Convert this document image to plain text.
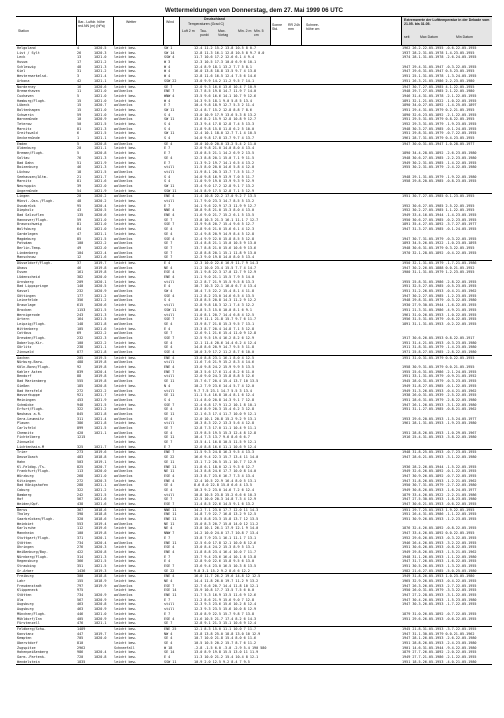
Wettermeldungen von Donnerstag, dem 27. Mai 1999 06 UTC
Station
Bar.- Luftdr. höhe red.NN (m) (hPa)
Wetter	Wind
Deutschland
Temperaturen (Grad C)
Luft 2 m	Tau- punkt
Max. Vortag
Min. 2 m Min. 5 cm
Sonne Std.
RR 24h mm
Schnee- höhe cm
Extremwerte der Lufttemperatur in der Dekade vom 21.05. bis 31.05.
seit	Max Datum	Min Datum
Helgoland	4	1020.5 leicht bew.	SW 1	12.4 11.2 15.2 13.8 10.5 8 0.7	1962 26.2.22.05.1955 -0.6.22.05.1955
List / Sylt	26	1020.3 leicht bew.	SW 14	12.8 11.3 16.1 12.8 10.5 8 9.7 0.0	1937 28.2.31.05.1978 1.4.23.05.1955
Leck	13	1021.0 leicht bew.	SSW 4	11.7 10.6 17.2 12.6 6.1 4 9.4	1974 28.1.31.05.1978 -2.6.24.05.1955
Husum	17	1021.2 leicht bew.	W 3	12.3 10.5 17.3 10.0 6.9 6 10.1
Schleswig	48	1021.3 leicht bew.	W 4	12.4 8.9 18.1 13.2 7.7 5 8.1	1947 29.4.31.05.1947 -0.3.22.05.1955
Kiel	31	1021.2 leicht bew.	W 4	16.0 13.8 18.8 13.5 9.7 4 13.8	1947 29.6.31.05.1947 0.5.23.05.1955
Westermarkelsd.	3	1021.4 leicht bew.	W 4	12.8 11.6 16.5 12.4 7.5 6 14.6	1951 25.1.31.05.1978 -1.3.24.05.1955
Arkona	42	1021.1 leicht bew.	SSW 22	13.0 9.9 14.2 11.2 9.5 7 14.1	1951 26.3.21.05.1986 2.2.23.05.1980
Norderney	16	1020.6 leicht bew.	SE 7	12.0 9.3 16.6 13.6 10.4 7 10.9	1947 30.7.27.05.1985 4.1.22.05.1955
Bremerhaven	11	1021.0 wolkenlos	ENE 7	13.7 8.5 19.8 14.7 11.9 7 14.0	1948 29.7.27.05.1985 2.1.22.05.1980
Cuxhaven	5	1021.0 leicht bew.	WNW 4	13.5 9.6 16.6 14.1 10.7 9 12.6	1946 31.4.31.05.1978 -2.1.22.05.1955
Hamburg/Flugh.	15	1021.0 leicht bew.	W 4	14.3 9.5 18.1 9.0 5.8 5 13.4	1891 32.1.21.05.1922 -1.0.22.05.1955
Lübeck	15	1020.7 wolkenlos	E 7	10.4 9.8 18.9 12.7 5.3 2 11.4	1890 34.0.27.05.1892 -1.4.25.05.1897
Boltenhagen	15	1021.0 leicht bew.	SW 11	12.4 8.7 15.2 12.8 8.8 7 8.6	1951 29.4.31.05.1979 0.2.21.05.1955
Schwerin	59	1021.0 leicht bew.	S 4	13.0 10.9 17.9 13.6 5.3 8 13.2	1890 32.6.23.05.1892 -2.1.22.05.1955
Warnemünde	10	1020.9 wolkenlos	SW 11	13.6 8.2 15.9 12.8 10.8 9 12.7	1951 29.5.31.05.1979 0.8.22.05.1955
Teterow	50	1021.5 leicht bew.	S 4	13.3 9.4 17.8 12.8 7.4 5 13.3	1952 29.3.31.05.1979 -1.9.23.05.1955
Marnitz	81	1021.3 wolkenlos	S 4	11.8 9.8 15.8 11.8 6.2 5 10.0	1948 30.3.27.05.1985 -0.1.24.05.1955
Greifswald	6	1021.5 leicht bew.	SW 11	12.4 10.1 18.0 12.7 7.1 4 10.5	1951 29.8.31.05.1979 -0.7.22.05.1955
Ueckermünde	1	1021.1 leicht bew.	S 4	14.0 9.8 17.8 13.7 9.7 4 13.7	1961 28.7.31.05.1979 0.4.23.05.1955
Emden	5	1020.8 wolkenlos	SE 4	10.0 10.0 20.0 13.2 5.4 2 11.0	1947 30.0.31.05.1947 1.0.28.05.1977
Oldenburg	20	1021.1 leicht bew.	E 7	12.0 9.8 21.0 14.0 8.0 4 13.4
Bremen/Flugh.	5	1020.8 leicht bew.	E 7	13.0 8.5 21.1 14.2 6.9 2 13.5	1890 34.4.28.05.1892 -2.6.23.05.1980
Soltau	76	1021.3 leicht bew.	SE 4	12.3 8.8 20.1 15.0 7.1 9 11.5	1948 30.6.27.05.1985 -2.2.23.05.1980
Bad Dahn	51	1021.9 leicht bew.	E 7	11.3 9.2 19.7 14.1 6.5 4 13.2	1949 30.2.31.05.1985 -1.4.22.05.1955
Boizenburg	46	1021.3 leicht bew.	still	11.5 8.0 20.0 14.6 5.8 4 12.0	1955 30.2.31.05.1979 -2.4.22.05.1980
Lüchow	18	1021.5 wolkenlos	still	11.9 8.1 20.3 13.7 7.5 5 11.7
Seehausen/Altm.	21	1021.7 leicht bew.	S 4	14.0 9.8 16.9 13.9 7.0 5 11.7	1948 29.1.31.05.1979 -1.9.22.05.1980
Marnitz	81	1021.6 wolkenlos	S 4	11.0 9.9 19.0 13.9 9.3 9 12.9	1958 29.8.20.05.1985 -0.8.23.05.1955
Neuruppin	39	1022.0 wolkenlos	SW 11	13.4 9.0 17.2 12.8 9.1 7 13.2
Angermünde	54	1021.9 leicht bew.	SSW 11	14.5 8.9 17.5 12.8 7.1 5 12.9
Lingen	20	1020.2 wolkenlos	ENE 4	11.4 10.8 22.2 17.0 9.2 7 13.5	1951 30.7.27.05.1985 0.1.23.05.1955
Münst.-Osn./Flugh.	48	1020.2 leicht bew.	still	11.7 9.0 23.3 14.7 8.5 5 13.2
Osnabrück	95	1020.4 leicht bew.	E 7	14.1 9.6 22.9 17.3 11.9 9 12.7	1952 30.6.27.05.1985 2.5.22.05.1955
Diepholz	43	1020.5 leicht bew.	NNE 4	10.8 9.8 21.0 15.3 8.0 4 13.0	1952 30.2.27.05.1985 1.1.22.05.1955
Bad Salzuflen	135	1020.6 leicht bew.	ENE 4	11.6 9.0 21.7 15.2 6.1 5 13.5	1949 33.4.16.05.1944 -1.4.23.05.1955
Hannover/Flugh.	59	1021.0 leicht bew.	SE 7	13.8 10.3 21.3 16.1 11.1 7 12.7	1950 30.6.27.05.1985 -0.2.23.05.1955
Braunschweig	81	1021.0 leicht bew.	SSE 7	13.9 9.8 20.7 15.4 9.6 5 12.7	1891 35.4.27.05.1892 -3.7.27.05.1977
Wolfsburg	64	1021.0 leicht bew.	SE 4	12.8 9.6 21.0 15.6 6.1 4 12.3	1947 31.3.27.05.1985 -0.1.24.05.1955
Gardelegen	47	1021.1 leicht bew.	SE 4	12.4 9.8 20.9 14.9 8.4 5 12.8
Magdeburg	85	1021.5 wolkenlos	SSE 4	12.4 9.9 22.0 15.8 8.5 5 12.8	1947 30.7.31.05.1979 -0.3.22.05.1955
Potsdam	100	1022.2 wolkenlos	SE 7	13.4 8.8 21.1 15.0 10.5 9 13.0	1893 34.5.26.05.1922 -1.0.23.05.1893
Berlin-Temp.	49	1022.0 wolkenlos	SE 7	13.7 8.8 21.0 15.6 10.6 9 13.6	1948 30.6.31.05.1979 0.3.22.05.1955
Lindenberg	104	1022.4 wolkenlos	SE 7	12.8 8.8 20.1 15.1 11.8 9 13.0	1970 32.1.28.05.1892 -0.4.22.05.1955
Manschnow	12	1021.6 wolkenlos	SE 7	12.3 9.0 19.8 14.0 8.0 5 13.4
Düsseldorf/Flugh.	37	1019.7 leicht bew.	E 4	12.3 10.0 22.6 16.9 11.7 9 14.3	1950 32.1.31.05.1979 -1.7.21.05.1986
Ahaus	46	1019.8 wolkenlos	NE 4	11.2 10.0 23.4 15.5 7.7 4 14.7	1947 30.2.26.05.1888 0.0.21.05.1952
Essen	161	1019.8 leicht bew.	ESE 4	15.1 9.8 22.3 17.0 12.7 9 12.9	1900 31.1.31.05.1979 1.2.23.05.1955
Lüdenscheid	382	1020.0 leicht bew.	ENE 4	11.1 9.0 21.1 15.5 7.9 5 14.0
Arnsberg	209	1020.1 leicht bew.	still	12.2 8.7 21.9 15.5 9.5 8 13.3	1955 25.8.31.05.1986 -2.8.22.05.1955
Bad Lippspringe	140	1020.5 leicht bew.	E 4	10.7 10.3 22.1 16.0 6.7 4 13.4	1951 32.5.27.05.1985 -0.5.23.05.1955
Kassel	232	1020.9 wolkenlos	SW 4	10.4 7.5 22.2 15.4 8.1 4 11.8	1951 31.2.26.05.1953 -0.4.21.05.1962
Göttingen	177	1021.2 wolkenlos	SSE 4	11.2 8.2 23.0 14.6 6.5 4 13.5	1947 30.2.27.05.1985 -1.2.23.05.1955
Leinefelde	356	1021.2 wolkenlos	S 4	13.8 8.5 20.8 14.3 11.2 9 12.2	1948 29.8.31.05.1979 -0.3.22.05.1980
Braunlage	615	1020.6 leicht bew.	still	12.8 9.8 18.3 12.1 7.4 3 12.2	1930 27.9.30.05.1944 -1.6.22.05.1955
Brocken	1153	1021.5 leicht bew.	SSW 11	10.8 5.3 15.0 10.0 8.1 6 9.1	1951 21.3.31.05.1986 -4.9.21.05.1955
Wernigerode	243	1021.3 leicht bew.	still	11.0 8.1 20.7 14.4 6.8 4 12.5	1961 31.0.26.05.1953 -1.0.22.05.1955
Artern	164	1021.5 wolkenlos	SSE 7	12.9 11.1 21.8 15.7 9.7 6 11.7	1956 31.5.31.05.1979 -0.6.22.05.1955
Leipzig/Flugh.	148	1021.8 wolkenlos	SE 4	13.9 8.7 21.8 15.3 9.5 7 13.1	1891 31.1.31.05.1953 -0.2.22.05.1955
Wittenberg	105	1021.6 leicht bew.	E 4	13.3 8.7 20.4 14.8 7.1 5 12.8
Cottbus	69	1022.2 wolkenlos	SE 7	12.6 9.1 21.6 15.4 11.0 9 12.8
Dresden/Flugh.	232	1022.3 wolkenlos	SSE 7	12.5 9.5 19.4 16.2 8.2 6 12.9	1917 30.6.26.05.1953 0.8.22.05.1917
Doberlug-Kir.	100	1022.2 leicht bew.	SE 4	12.1 11.4 20.6 14.4 6.2 4 12.4	1951 31.4.21.05.1953 -0.3.23.05.1980
Görlitz	238	1021.1 leicht bew.	SE 4	14.8 8.6 20.9 14.7 9.5 5 11.8	1911 31.8.31.05.1979 -1.4.23.05.1980
Zinnwald	877	1021.8 wolkenlos	SSE 4	10.0 3.9 17.2 11.2 8.7 6 10.0	1971 25.8.27.05.1985 -2.8.22.05.1980
Aachen	205	1019.5 leicht bew.	ENE 4	13.0 8.8 23.1 16.1 8.0 4 12.5	1951 31.0.31.05.1979 0.0.22.05.1955
Nürburg-Barw.	488	1019.8 wolkenlos	still	11.6 7.6 21.9 15.2 8.3 4 14.6
Köln-Bonn/Flugh.	92	1019.8 leicht bew.	ENE 4	13.0 9.8 24.2 15.9 9.9 5 13.5	1958 30.9.31.05.1979 0.0.21.05.1955
Kahler Asten	839	1020.4 leicht bew.	ENE 7	10.3 5.6 17.6 11.4 8.2 6 11.0	1955 25.6.31.05.1986 -2.1.24.05.1955
Bendorf	88	1019.8 leicht bew.	still	12.0 9.0 24.3 15.8 8.8 5 12.6	1951 33.1.31.05.1979 -0.9.21.05.1952
Bad Marienberg	555	1019.8 wolkenlos	SE 11	15.7 6.7 20.4 15.4 13.7 10 13.5	1945 28.0.31.05.1979 -0.3.23.05.1955
Gießen	185	1020.8 leicht bew.	N 4	10.2 7.9 23.6 14.4 5.7 4 12.0	1949 31.8.27.05.1985 -0.1.22.05.1955
Bad Hersfeld	272	1022.2 wolkenlos	still	9.7 7.5 23.1 14.7 5.5 3 13.4	1949 31.3.26.05.1953 -0.4.21.05.1962
Wasserkuppe	921	1021.7 leicht bew.	SE 11	11.1 5.4 16.8 10.4 8.1 6 12.4	1938 26.0.31.05.1939 -2.5.22.05.1955
Meiningen	453	1021.9 wolkenlos	S 4	11.4 8.0 20.8 14.3 9.1 7 12.8	1951 28.6.31.05.1979 -2.8.22.05.1980
Schmücke	948	1021.5 leicht bew.	SSE 7	12.4 6.8 17.9 11.2 10.1 8 10.1	1947 26.1.26.05.1953 -3.1.22.05.1980
Erfurt/Flugh.	322	1021.2 wolkenlos	SE 4	13.0 8.9 20.3 15.4 6.2 3 12.8	1951 31.1.27.05.1985 -0.8.21.05.1962
Neuhaus a.R.	845	1021.8 wolkenlos	SE 11	12.1 6.3 17.4 11.7 10.0 9 12.1
Gera-Leumnitz	311	1021.4 wolkenlos	SE 4	12.0 10.1 20.8 15.2 9.2 9 13.1	1953 29.6.20.05.1953 -1.5.24.05.1977
Plauen	386	1021.8 leicht bew.	still	10.3 8.3 22.2 13.3 5.6 4 12.8	1961 28.1.31.05.1953 -1.9.23.05.1980
Carlsfeld	899	1021.5 wolkenlos	SE 7	12.8 7.3 17.0 11.1 10.4 9 11.1
Chemnitz	420	1021.1 wolkenlos	SE 4	13.9 8.5 19.5 15.3 12.4 8 12.8	1951 28.8.26.05.1953 -1.0.29.05.1967
Fichtelberg	1215	leicht bew.	SE 11	10.4 7.3 13.7 9.6 8.6 6 6.7	1916 25.4.31.05.1953 -3.8.22.05.1980
Zinnwald	leicht bew.	SE 7	13.5 4.1 16.8 10.5 11.5 9 12.1
Lichtenhain-M	325	1021.7 leicht bew.	E 7	12.0 8.8 16.6 11.1 10.6 9 12.4
Trier	273	1019.6 leicht bew.	ENE 7	11.5 9.3 24.8 16.3 9.5 4 13.3	1948 31.8.25.05.1953 -0.7.23.05.1955
Deuselbach	483	1018.8 leicht bew.	SE 22	16.6 9.4 22.3 15.7 13.4 11 14.0	1947 28.6.21.05.1953 -3.1.22.05.1980
Hahn	503	1019.1 leicht bew.	SE 11	13.1 7.2 20.5 15.1 10.7 7 12.9
Kl.Feldbg./Ts.	825	1020.7 leicht bew.	ENE 11	11.8 6.1 18.0 12.1 9.3 6 12.7	1936 28.2.26.05.1944 -1.5.22.05.1955
Frankfurt/Flugh.	113	1020.0 wolkenlos	NE 11	14.3 8.8 24.6 17.7 10.0 8 14.0	1949 32.6.26.05.1892 -0.1.22.05.1955
Würzburg	268	1021.0 wolkenlos	ESE 4	13.3 8.7 23.6 16.7 7.3 4 13.4	1947 30.9.26.05.1892 -0.7.22.05.1955
Kitzingen	272	1020.3 leicht bew.	ENE 4	12.4 10.5 22.9 16.4 8.0 5 13.1	1947 31.8.26.05.1953 -1.2.21.05.1962
Bad Königshofen	288	1021.1 wolkenlos	SE 4	8.6 8.0 22.8 15.0 6.6 4 13.5	1950 30.7.31.05.1979 -2.7.22.05.1980
Coburg	322	1021.2 leicht bew.	SE 4	10.3 9.2 23.0 14.6 7.2 6 12.4	1949 30.8.26.05.1953 -1.6.24.05.1977
Bamberg	242	1021.5 leicht bew.	still	10.8 10.5 23.8 15.2 6.6 6 10.3	1879 33.4.26.05.1922 -2.2.21.05.1986
Hof	567	1021.6 leicht bew.	SE 7	12.5 10.0 20.3 14.8 7.3 4 12.9	1947 27.5.30.05.1953 -1.8.23.05.1980
Weiden/Opf.	438	1021.6 leicht bew.	ESE 7	11.4 8.5 22.6 14.5 9.1 6 13.2	1947 30.6.21.05.1953 -0.6.22.05.1955
Berus	367	1018.6 leicht bew.	NNE 11	14.2 7.1 23.0 17.7 12.0 11 14.3	1951 29.7.25.05.1953 1.9.22.05.1955
Tholey	398	1018.8 leicht bew.	ENE 11	14.8 7.9 22.7 16.8 13.2 9 12.5	1951 26.4.31.05.1986 -1.1.22.05.1955
Saarbrücken/Flugh.	320	1018.6 leicht bew.	ENE 11	15.5 8.8 23.3 15.8 13.7 12 13.5	1951 30.9.26.05.1953 -1.2.23.05.1955
Weinbiet	553	1019.4 wolkenlos	NE 11	15.0 8.3 20.7 15.0 14.0 12 11.2
Karlsruhe	112	1019.6 leicht bew.	NE 4	13.8 10.1 26.1 17.9 12.1 9 14.0	1876 32.4.26.05.1892 -0.8.22.05.1955
Mannheim	100	1019.8 leicht bew.	NNW 7	14.2 10.0 24.0 17.7 10.8 7 13.4	1947 33.4.26.05.1892 0.0.22.05.1955
Stuttgart/Flugh.	371	1020.1 leicht bew.	E 7	13.8 7.9 23.1 16.1 11.1 7 13.1	1952 29.6.26.05.1953 -0.3.22.05.1955
Stötten	734	1020.4 wolkenlos	ENE 11	12.5 6.0 17.8 12.1 10.0 8 12.6	1946 26.4.26.05.1953 -3.2.22.05.1955
Öhringen	276	1020.3 leicht bew.	ESE 4	13.0 8.4 24.2 15.3 8.9 5 13.1	1951 30.6.26.05.1953 -0.8.22.05.1955
Weißenburg/Bay.	422	1020.8 leicht bew.	ENE 4	11.8 8.8 23.4 16.4 10.0 7 11.7	1949 29.8.26.05.1953 -1.5.21.05.1962
Nürnberg/Flugh.	314	1021.3 leicht bew.	E 7	13.7 9.4 23.6 16.4 10.1 8 13.8	1948 31.1.26.05.1953 -1.1.22.05.1980
Regensburg	366	1021.5 leicht bew.	E 4	12.8 9.0 22.6 15.8 9.5 6 13.0	1947 31.7.26.05.1953 -1.6.22.05.1955
Straubing	351	1021.5 leicht bew.	ESE 7	13.6 9.4 23.0 16.5 10.3 8 13.5	1951 30.5.26.05.1953 -1.3.22.05.1955
Gr.Arber	1436	1019.3 leicht bew.	SE 22	9.8 3.1 15.2 9.2 8.6 6 12.2	1982 21.6.27.05.1985 -5.0.25.05.1980
Freiburg	300	1018.8 leicht bew.	ENE 4	16.0 11.7 26.2 19.6 14.8 12 12.5	1949 31.8.26.05.1953 1.0.23.05.1980
Lahr	155	1018.9 leicht bew.	NE 4	14.4 11.8 26.0 19.7 11.2 9 13.2	1965 32.9.26.05.1953 -0.4.22.05.1955
Freudenstadt	797	1019.9 wolkenlos	ESE 7	12.7 6.6 20.7 14.4 11.8 10 12.1	1947 26.3.26.05.1953 -2.7.22.05.1955
Klippeneck	975	leicht bew.	ESE 14	15.9 10.8 17.7 13.5 7.5 6 0.0	1950 26.0.31.05.1979 -3.3.22.05.1955
Stötten	734	1020.9 wolkenlos	ENE 11	11.7 5.3 16.9 13.5 11.6 9 12.6	1947 27.2.28.05.1953 -3.1.22.05.1955
Ulm	567	1020.9 leicht bew.	E 7	11.2 8.6 21.9 15.6 9.0 7 12.8	1947 30.4.26.05.1953 -1.5.23.05.1980
Augsburg	463	1020.8 leicht bew.	still	12.3 9.3 23.6 15.6 10.2 8 12.4	1947 30.3.26.05.1953 -1.7.22.05.1955
Augsburg	463	1020.9 leicht bew.	still	12.3 9.3 23.5 15.6 10.0 8 12.9
München/Flugh.	446	1021.0 leicht bew.	E 7	13.0 8.9 22.5 15.7 9.8 7 13.8	1879 31.0.26.05.1892 -0.7.22.05.1955
Mühldorf/Inn	405	1020.9 leicht bew.	ESE 4	11.6 10.5 21.7 17.4 8.2 6 14.3	1951 29.6.26.05.1953 -0.6.22.05.1955
Fürstenzell	476	1021.1 leicht bew.	SE 7	12.8 9.1 21.3 15.1 10.6 9 12.4
Feldberg/Schw.	1489	leicht bew.	ENE 25	12.1 8.3 15.0 11.1 10.0 7 11.7	1945 21.8.31.05.1953 -3.7.22.05.1955
Konstanz	447	1019.7 leicht bew.	NW 4	13.8 13.8 25.0 18.8 13.0 10 12.9	1947 31.1.30.05.1979 0.0.21.05.1962
Kempten	705	1020.0 leicht bew.	SE 4	10.7 10.0 21.8 15.4 8.0 6 11.6	1947 28.1.26.05.1953 -2.6.22.05.1980
Oberstdorf	810	leicht bew.	SE 4	10.5 10.5 20.2 15.7 8.7 6 11.2	1951 28.8.26.05.1953 -2.4.23.05.1980
Zugspitze	2962	Schneefall	W 18	-2.8 -1.5 6.0 -3.0 -2.9 5.4 190 580	1901 14.6.31.05.1944 -9.4.22.05.1980
Hohenpeißenberg	986	1020.4 leicht bew.	SE 14	13.0 8.9 19.8 15.5 13.0 11 11.9	1879 27.7.26.05.1892 -2.0.22.05.1955
Garm.-Partenk.	720	1020.8 leicht bew.	E 4	11.3 10.0 21.2 15.4 10.4 8 12.1	1949 27.7.21.05.1986 -2.1.22.05.1955
Wendelstein	1835	leicht bew.	SSW 11	10.9 2.0 12.5 9.2 8.4 7 9.5	1951 18.5.26.05.1953 -4.0.21.05.1980
